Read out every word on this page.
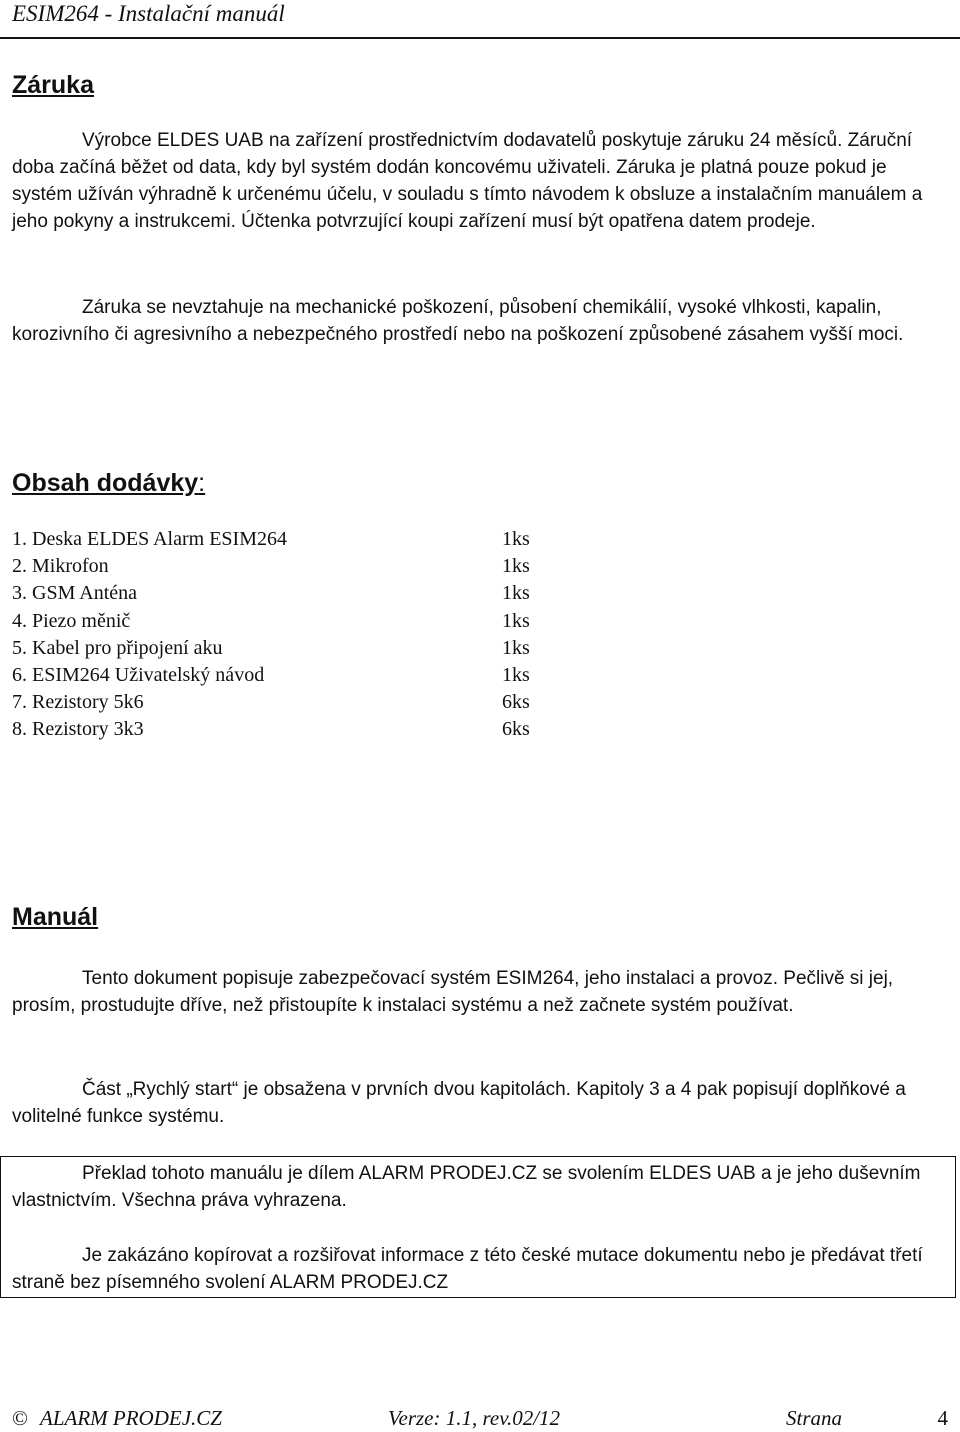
ESIM264 - Instalační manuál
Záruka
Výrobce ELDES UAB na zařízení prostřednictvím dodavatelů poskytuje záruku 24 měsíců. Záruční doba začíná běžet od data, kdy byl systém dodán koncovému uživateli. Záruka je platná pouze pokud je systém užíván výhradně k určenému účelu, v souladu s tímto návodem k obsluze a instalačním manuálem a jeho pokyny a instrukcemi. Účtenka potvrzující koupi zařízení musí být opatřena datem prodeje.
Záruka se nevztahuje na mechanické poškození, působení chemikálií, vysoké vlhkosti, kapalin, korozivního či agresivního a nebezpečného prostředí nebo na poškození způsobené zásahem vyšší moci.
Obsah dodávky:
1. Deska ELDES Alarm ESIM264	1ks
2. Mikrofon	1ks
3. GSM Anténa	1ks
4. Piezo měnič	1ks
5. Kabel pro připojení aku	1ks
6. ESIM264 Uživatelský návod	1ks
7. Rezistory 5k6	6ks
8. Rezistory 3k3	6ks
Manuál
Tento dokument popisuje zabezpečovací systém ESIM264, jeho instalaci a provoz. Pečlivě si jej, prosím, prostudujte dříve, než přistoupíte k instalaci systému a než začnete systém používat.
Část „Rychlý start“ je obsažena v prvních dvou kapitolách. Kapitoly 3 a 4 pak popisují doplňkové a volitelné funkce systému.
Překlad tohoto manuálu je dílem ALARM PRODEJ.CZ se svolením ELDES UAB a je jeho duševním vlastnictvím. Všechna práva vyhrazena.
Je zakázáno kopírovat a rozšiřovat informace z této české mutace dokumentu nebo je předávat třetí straně bez písemného svolení ALARM PRODEJ.CZ
© ALARM PRODEJ.CZ	Verze: 1.1, rev.02/12	Strana	4
